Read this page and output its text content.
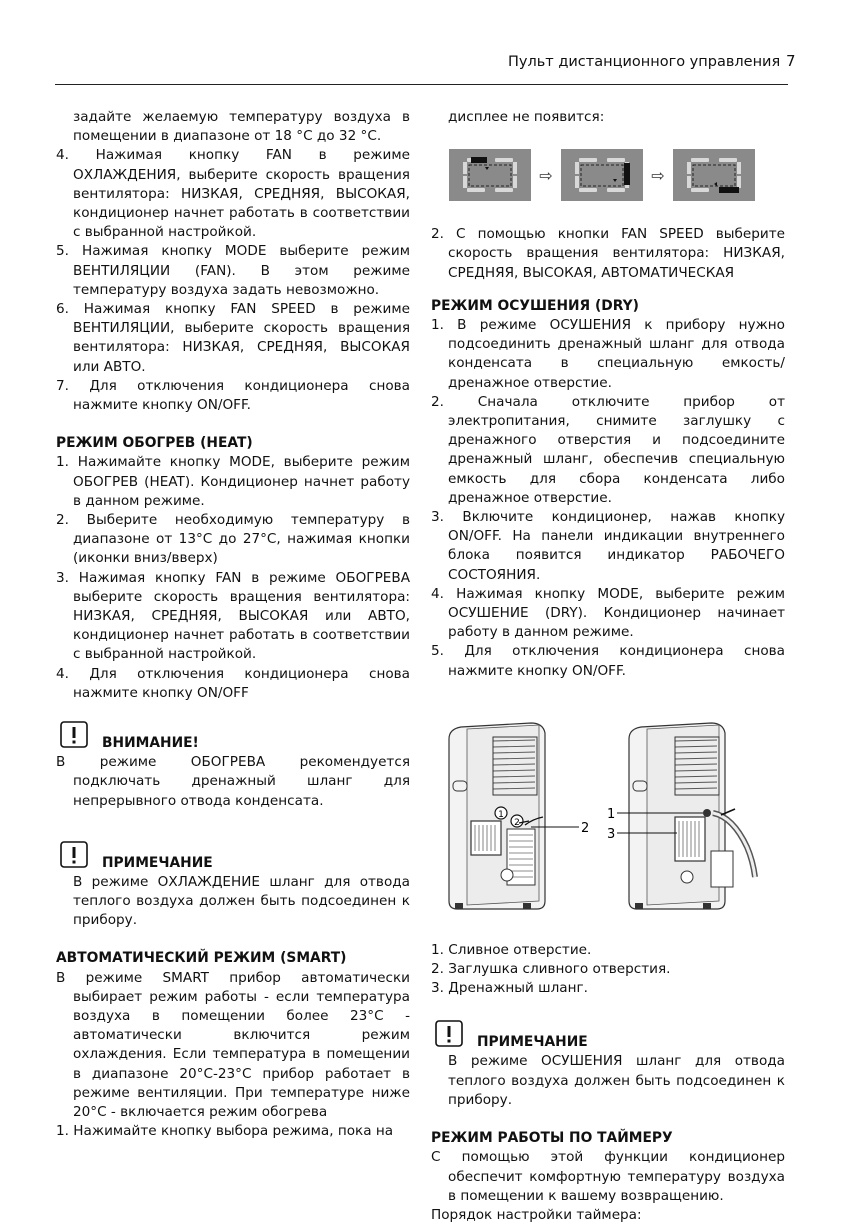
Пульт дистанционного управления 7

задайте желаемую температуру воздуха в помещении в диапазоне от 18 °С до 32 °С.

4. Нажимая кнопку FAN в режиме ОХЛАЖДЕНИЯ, выберите скорость вращения вентилятора: НИЗКАЯ, СРЕДНЯЯ, ВЫСОКАЯ, кондиционер начнет работать в соответствии с выбранной настройкой.

5. Нажимая кнопку MODE выберите режим ВЕНТИЛЯЦИИ (FAN). В этом режиме температуру воздуха задать невозможно.

6. Нажимая кнопку FAN SPEED в режиме ВЕНТИЛЯЦИИ, выберите скорость вращения вентилятора: НИЗКАЯ, СРЕДНЯЯ, ВЫСОКАЯ или АВТО.

7. Для отключения кондиционера снова нажмите кнопку ON/OFF.

РЕЖИМ ОБОГРЕВ (HEAT)

1. Нажимайте кнопку MODE, выберите режим ОБОГРЕВ (HEAT). Кондиционер начнет работу в данном режиме.

2. Выберите необходимую температуру в диапазоне от 13°С до 27°С, нажимая кнопки (иконки вниз/вверх)

3. Нажимая кнопку FAN в режиме ОБОГРЕВА выберите скорость вращения вентилятора: НИЗКАЯ, СРЕДНЯЯ, ВЫСОКАЯ или АВТО, кондиционер начнет работать в соответствии с выбранной настройкой.

4. Для отключения кондиционера снова нажмите кнопку ON/OFF

ВНИМАНИЕ!

В режиме ОБОГРЕВА рекомендуется подключать дренажный шланг для непрерывного отвода конденсата.

ПРИМЕЧАНИЕ

В режиме ОХЛАЖДЕНИЕ шланг для отвода теплого воздуха должен быть подсоединен к прибору.

АВТОМАТИЧЕСКИЙ РЕЖИМ (SMART)

В режиме SMART прибор автоматически выбирает режим работы - если температура воздуха в помещении более 23°С - автоматически включится режим охлаждения. Если температура в помещении в диапазоне 20°С-23°С прибор работает в режиме вентиляции. При температуре ниже 20°С - включается режим обогрева

1. Нажимайте кнопку выбора режима, пока на

дисплее не появится:

⇨	⇨

2. С помощью кнопки FAN SPEED выберите скорость вращения вентилятора: НИЗКАЯ, СРЕДНЯЯ, ВЫСОКАЯ, АВТОМАТИЧЕСКАЯ

РЕЖИМ ОСУШЕНИЯ (DRY)

1. В режиме ОСУШЕНИЯ к прибору нужно подсоединить дренажный шланг для отвода конденсата в специальную емкость/дренажное отверстие.

2. Сначала отключите прибор от электропитания, снимите заглушку с дренажного отверстия и подсоедините дренажный шланг, обеспечив специальную емкость для сбора конденсата либо дренажное отверстие.

3. Включите кондиционер, нажав кнопку ON/OFF. На панели индикации внутреннего блока появится индикатор РАБОЧЕГО СОСТОЯНИЯ.

4. Нажимая кнопку MODE, выберите режим ОСУШЕНИЕ (DRY). Кондиционер начинает работу в данном режиме.

5. Для отключения кондиционера снова нажмите кнопку ON/OFF.

1
2	2
1
3

1. Сливное отверстие.

2. Заглушка сливного отверстия.

3. Дренажный шланг.

ПРИМЕЧАНИЕ

В режиме ОСУШЕНИЯ шланг для отвода теплого воздуха должен быть подсоединен к прибору.

РЕЖИМ РАБОТЫ ПО ТАЙМЕРУ

С помощью этой функции кондиционер обеспечит комфортную температуру воздуха в помещении к вашему возвращению.

Порядок настройки таймера:
